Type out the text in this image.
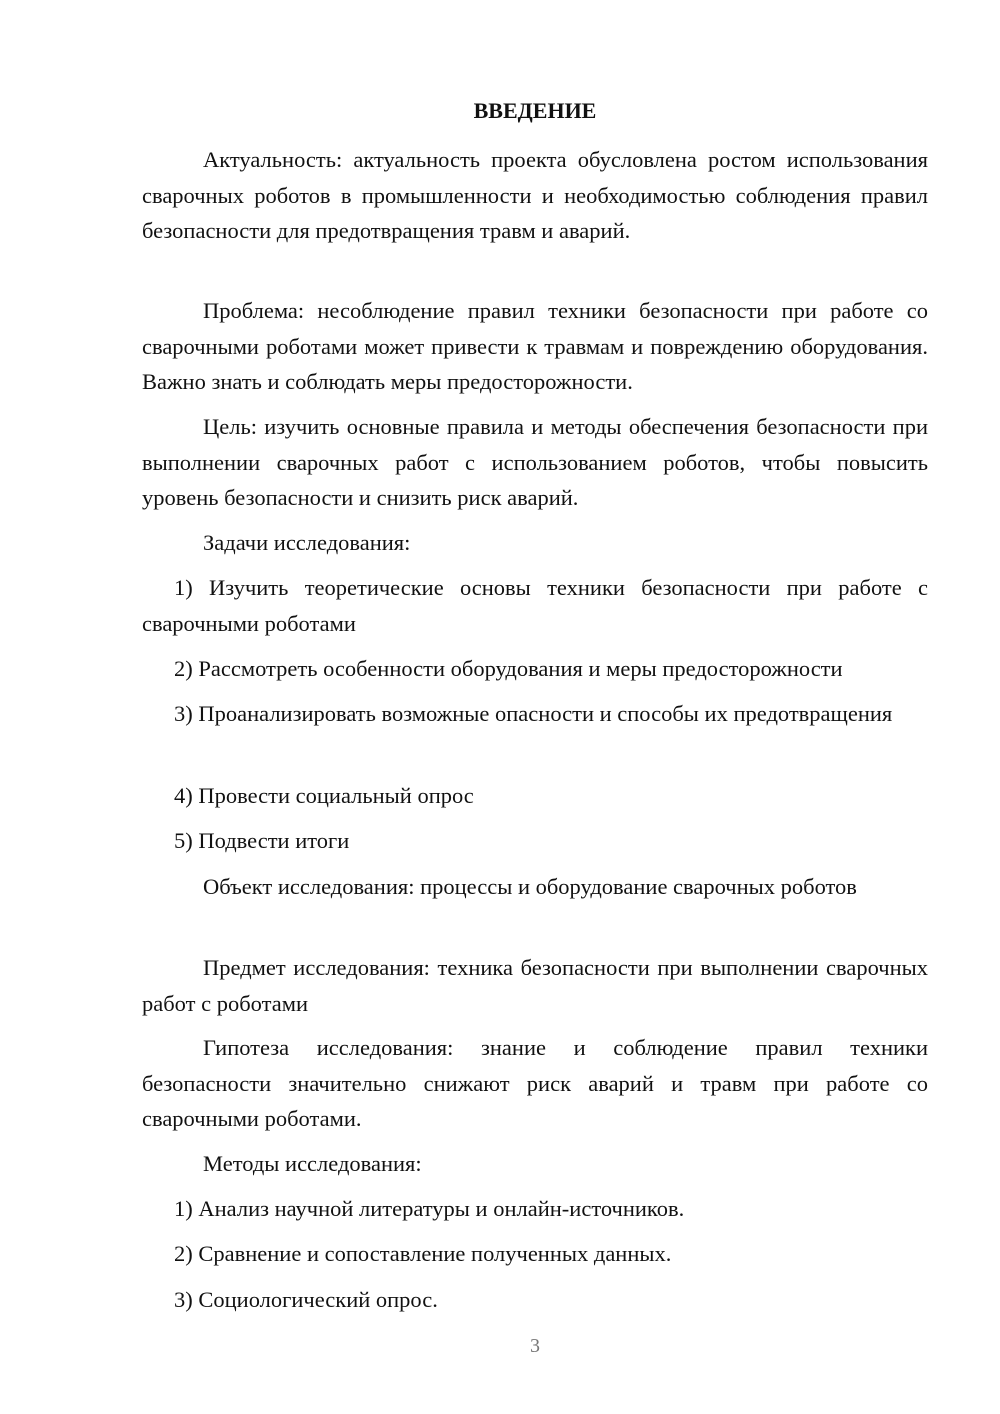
ВВЕДЕНИЕ

Актуальность: актуальность проекта обусловлена ростом использования сварочных роботов в промышленности и необходимостью соблюдения правил безопасности для предотвращения травм и аварий.

Проблема: несоблюдение правил техники безопасности при работе со сварочными роботами может привести к травмам и повреждению оборудования. Важно знать и соблюдать меры предосторожности.

Цель: изучить основные правила и методы обеспечения безопасности при выполнении сварочных работ с использованием роботов, чтобы повысить уровень безопасности и снизить риск аварий.

Задачи исследования:

1) Изучить теоретические основы техники безопасности при работе с сварочными роботами

2) Рассмотреть особенности оборудования и меры предосторожности

3) Проанализировать возможные опасности и способы их предотвращения

4) Провести социальный опрос

5) Подвести итоги

Объект исследования: процессы и оборудование сварочных роботов

Предмет исследования: техника безопасности при выполнении сварочных работ с роботами

Гипотеза исследования: знание и соблюдение правил техники безопасности значительно снижают риск аварий и травм при работе со сварочными роботами.

Методы исследования:

1) Анализ научной литературы и онлайн-источников.

2) Сравнение и сопоставление полученных данных.

3) Социологический опрос.

3
